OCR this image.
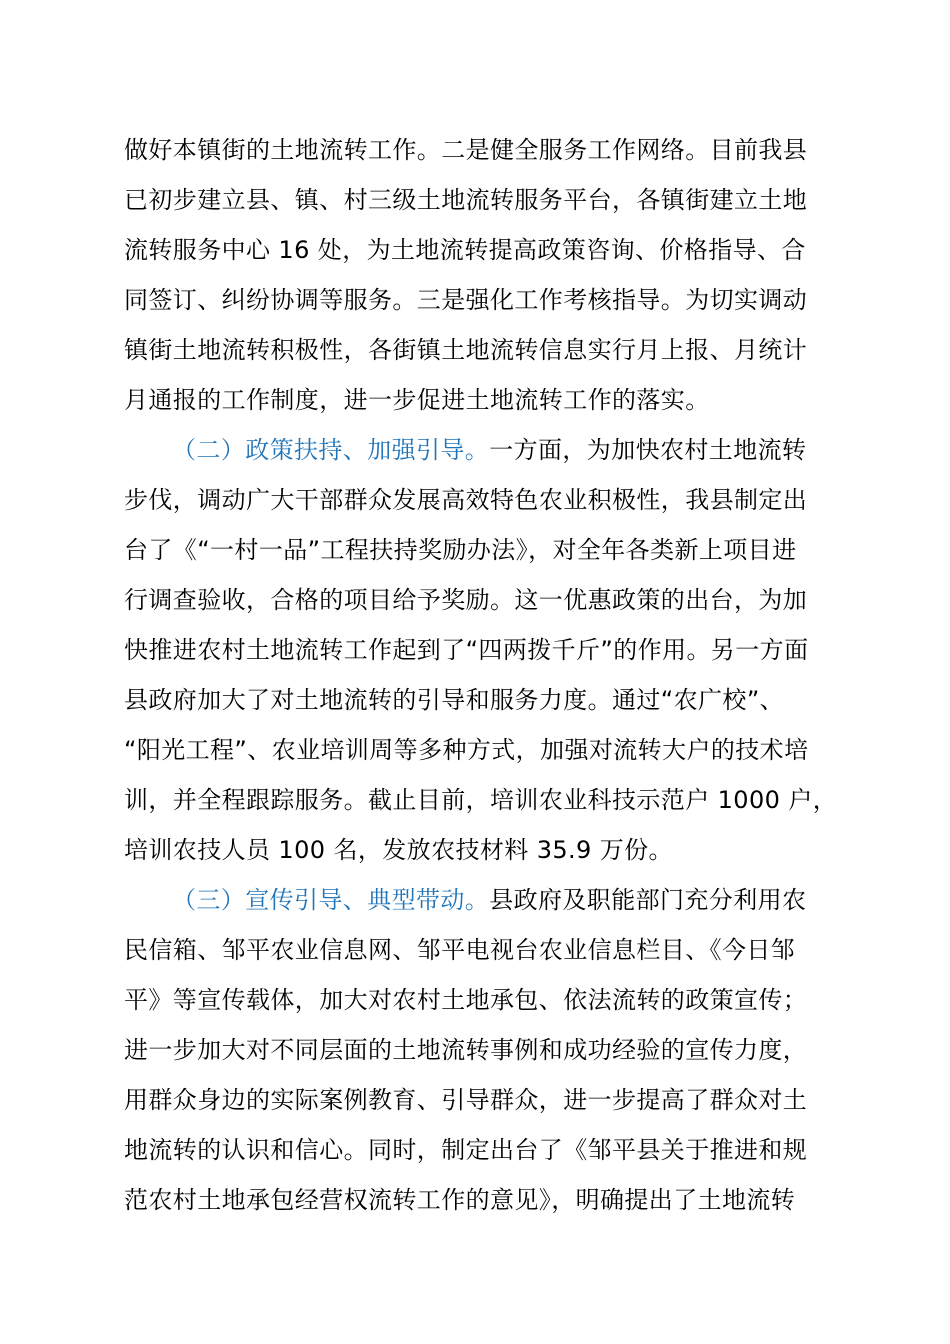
做好本镇街的土地流转工作。二是健全服务工作网络。目前我县
已初步建立县、镇、村三级土地流转服务平台，各镇街建立土地
流转服务中心 16 处，为土地流转提高政策咨询、价格指导、合
同签订、纠纷协调等服务。三是强化工作考核指导。为切实调动
镇街土地流转积极性，各街镇土地流转信息实行月上报、月统计
月通报的工作制度，进一步促进土地流转工作的落实。
（二）政策扶持、加强引导。一方面，为加快农村土地流转
步伐，调动广大干部群众发展高效特色农业积极性，我县制定出
台了《“一村一品”工程扶持奖励办法》，对全年各类新上项目进
行调查验收，合格的项目给予奖励。这一优惠政策的出台，为加
快推进农村土地流转工作起到了“四两拨千斤”的作用。另一方面
县政府加大了对土地流转的引导和服务力度。通过“农广校”、
“阳光工程”、农业培训周等多种方式，加强对流转大户的技术培
训，并全程跟踪服务。截止目前，培训农业科技示范户 1000 户，
培训农技人员 100 名，发放农技材料 35.9 万份。
（三）宣传引导、典型带动。县政府及职能部门充分利用农
民信箱、邹平农业信息网、邹平电视台农业信息栏目、《今日邹
平》等宣传载体，加大对农村土地承包、依法流转的政策宣传；
进一步加大对不同层面的土地流转事例和成功经验的宣传力度，
用群众身边的实际案例教育、引导群众，进一步提高了群众对土
地流转的认识和信心。同时，制定出台了《邹平县关于推进和规
范农村土地承包经营权流转工作的意见》，明确提出了土地流转
